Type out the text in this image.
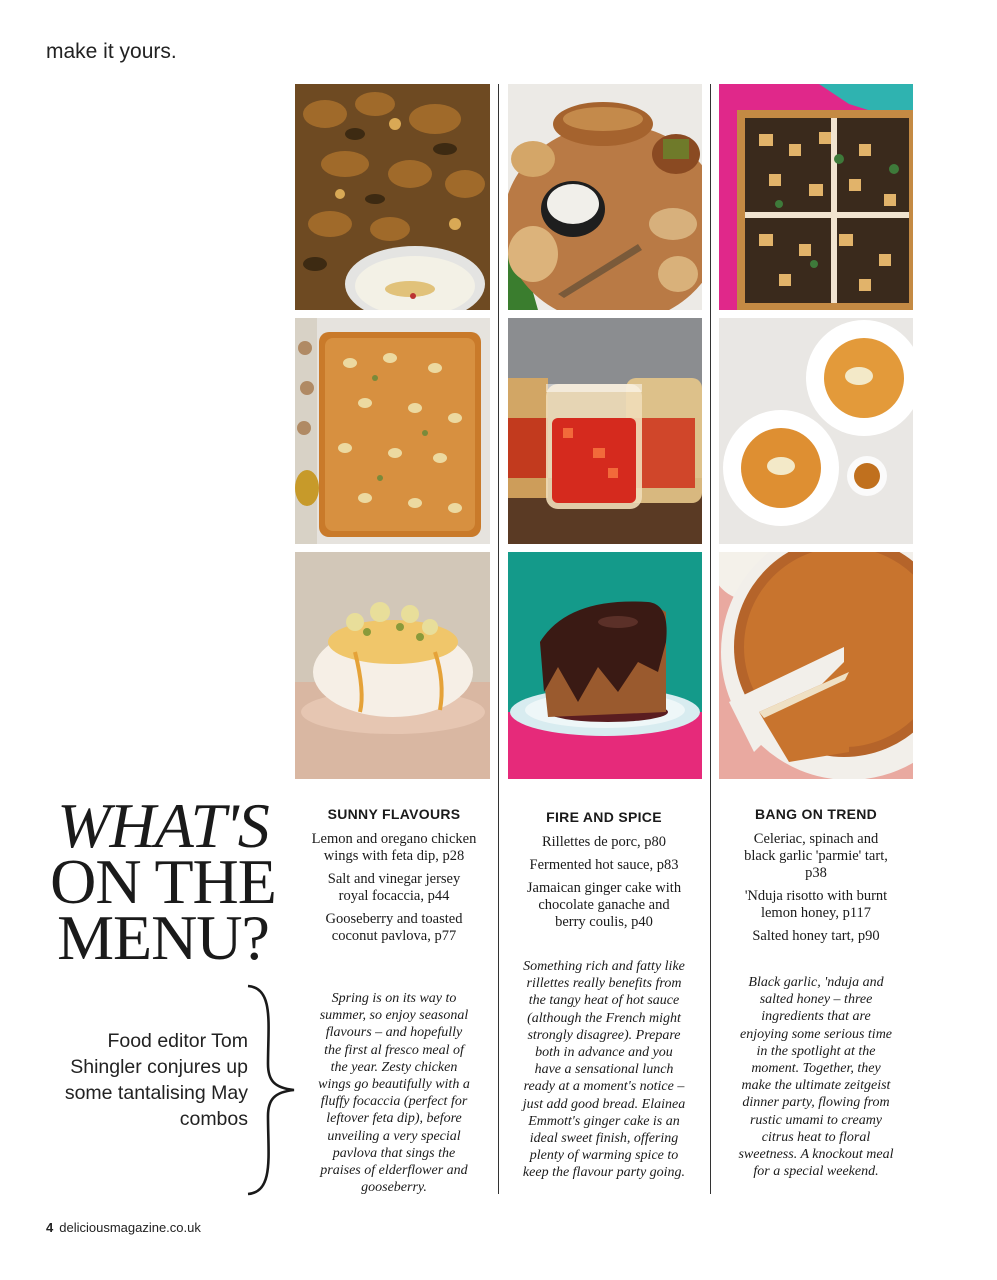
make it yours.
WHAT'S
ON THE
MENU?
Food editor Tom Shingler conjures up some tantalising May combos
SUNNY FLAVOURS

Lemon and oregano chicken wings with feta dip, p28

Salt and vinegar jersey royal focaccia, p44

Gooseberry and toasted coconut pavlova, p77

Spring is on its way to summer, so enjoy seasonal flavours – and hopefully the first al fresco meal of the year. Zesty chicken wings go beautifully with a fluffy focaccia (perfect for leftover feta dip), before unveiling a very special pavlova that sings the praises of elderflower and gooseberry.
FIRE AND SPICE

Rillettes de porc, p80

Fermented hot sauce, p83

Jamaican ginger cake with chocolate ganache and berry coulis, p40

Something rich and fatty like rillettes really benefits from the tangy heat of hot sauce (although the French might strongly disagree). Prepare both in advance and you have a sensational lunch ready at a moment's notice – just add good bread. Elainea Emmott's ginger cake is an ideal sweet finish, offering plenty of warming spice to keep the flavour party going.
BANG ON TREND

Celeriac, spinach and black garlic 'parmie' tart, p38

'Nduja risotto with burnt lemon honey, p117

Salted honey tart, p90

Black garlic, 'nduja and salted honey – three ingredients that are enjoying some serious time in the spotlight at the moment. Together, they make the ultimate zeitgeist dinner party, flowing from rustic umami to creamy citrus heat to floral sweetness. A knockout meal for a special weekend.
4 deliciousmagazine.co.uk
